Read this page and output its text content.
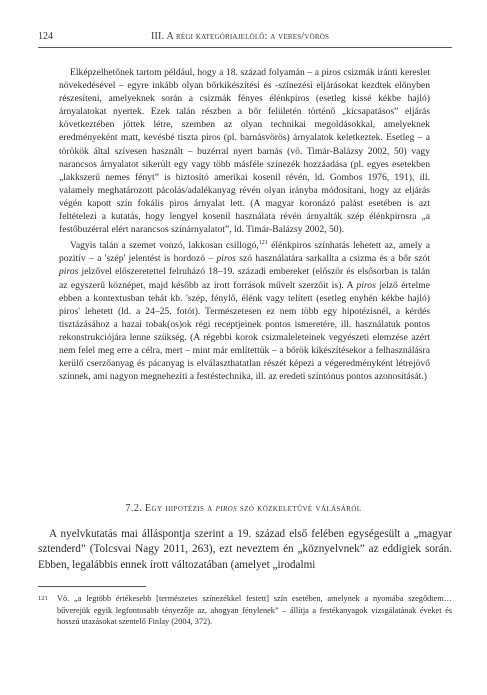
124	III. A régi kategóriajelölő: a veres/vörös

Elképzelhetőnek tartom például, hogy a 18. század folyamán – a piros csizmák iránti kereslet növekedésével – egyre inkább olyan bőrkikészítési és -színezési eljárásokat kezdtek előnyben részesíteni, amelyeknek során a csizmák fényes élénkpiros (esetleg kissé kékbe hajló) árnyalatokat nyertek. Ezek talán részben a bőr felületén történő „kicsapatásos” eljárás következtében jöttek létre, szemben az olyan technikai megoldásokkal, amelyeknek eredményeként matt, kevésbé tiszta piros (pl. barnásvörös) árnyalatok keletkeztek. Esetleg – a törökök által szívesen használt – buzérral nyert barnás (vö. Timár-Balázsy 2002, 50) vagy narancsos árnyalatot sikerült egy vagy több másféle színezék hozzáadása (pl. egyes esetekben „lakkszerű nemes fényt” is biztosító amerikai kosenil révén, ld. Gombos 1976, 191), ill. valamely meghatározott pácolás/adalékanyag révén olyan irányba módosítani, hogy az eljárás végén kapott szín fokális piros árnyalat lett. (A magyar koronázó palást esetében is azt feltételezi a kutatás, hogy lengyel kosenil használata révén árnyalták szép élénkpirosra „a festőbuzérral elért narancsos színárnyalatot”, ld. Timár-Balázsy 2002, 50).

Vagyis talán a szemet vonzó, lakkosan csillogó,$^{121}$ élénkpiros színhatás lehetett az, amely a pozitív – a 'szép' jelentést is hordozó – piros szó használatára sarkallta a csizma és a bőr szót piros jelzővel előszeretettel felruházó 18–19. századi embereket (először és elsősorban is talán az egyszerű köznépet, majd később az írott források művelt szerzőit is). A piros jelző értelme ebben a kontextusban tehát kb. 'szép, fénylő, élénk vagy telített (esetleg enyhén kékbe hajló) piros' lehetett (ld. a 24–25. fotót). Természetesen ez nem több egy hipotézisnél, a kérdés tisztázásához a hazai tobak(os)ok régi receptjeinek pontos ismeretére, ill. használatuk pontos rekonstrukciójára lenne szükség. (A régebbi korok csizmaleleteinek vegyészeti elemzése azért nem felel meg erre a célra, mert – mint már említettük – a bőrök kikészítésekor a felhasználásra kerülő cserzőanyag és pácanyag is elválaszthatatlan részét képezi a végeredményként létrejövő színnek, ami nagyon megnehezíti a festéstechnika, ill. az eredeti színtónus pontos azonosítását.)

7.2. Egy hipotézis a piros szó közkeletűvé válásáról

A nyelvkutatás mai álláspontja szerint a 19. század első felében egységesült a „magyar sztenderd” (Tolcsvai Nagy 2011, 263), ezt neveztem én „köznyelvnek” az eddigiek során. Ebben, legalábbis ennek írott változatában (amelyet „irodalmi

121 Vö. „a legtöbb értékesebb [természetes színezékkel festett] szín esetében, amelynek a nyomába szegődtem… bűverejük egyik legfontosabb tényezője az, ahogyan fénylenek” – állítja a festékanyagok vizsgálatának éveket és hosszú utazásokat szentelő Finlay (2004, 372).
